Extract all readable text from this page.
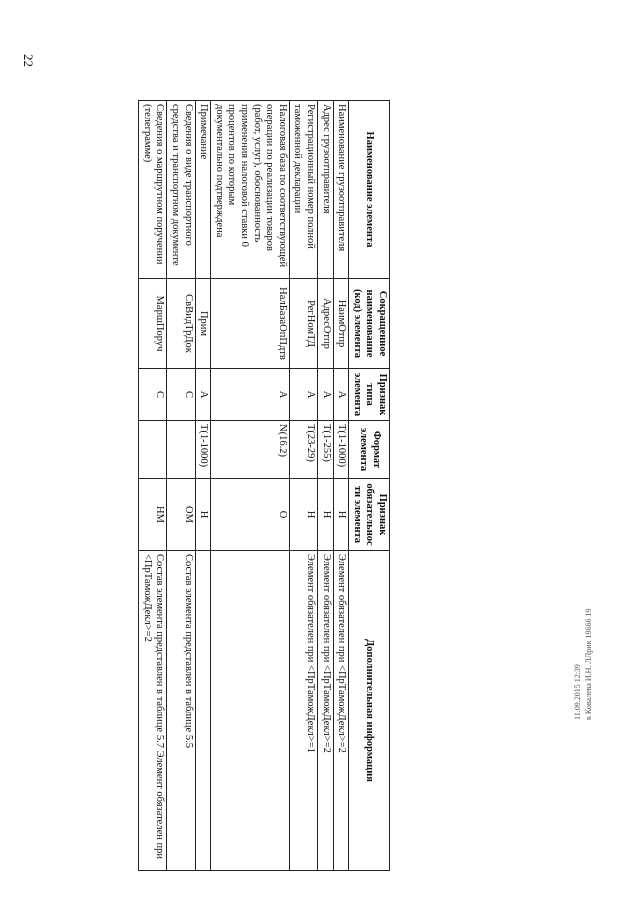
22
Наименование элемента	Сокращенное наименование (код) элемента	Признак типа элемента	Формат элемента	Признак обязательности элемента	Дополнительная информация
Наименование грузоотправителя	НаимОтпр	А	T(1-1000)	Н	Элемент обязателен при <ПрТаможДекл>=2
Адрес грузоотправителя	АдресОтпр	А	T(1-255)	Н	Элемент обязателен при <ПрТаможДекл>=2
Регистрационный номер полной таможенной декларации	РегНомТД	А	T(23-29)	Н	Элемент обязателен при <ПрТаможДекл>=1
Налоговая база по соответствующей операции по реализации товаров (работ, услуг), обоснованность применения налоговой ставки 0 процентов по которым документально подтверждена	НалБазаОпПдтв	А	N(16.2)	О	
Примечание	Прим	А	T(1-1000)	Н	
Сведения о виде транспортного средства и транспортном документе	СвВидТрДок	С		ОМ	Состав элемента представлен в таблице 5.5
Сведения о маршрутном поручении (телеграмме)	МаршПоруч	С		НМ	Состав элемента представлен в таблице 5.7 Элемент обязателен при <ПрТаможДекл>=2
11.09.2015 12:39 к Ковалева И.Н. ЛЛрик 19666 19
